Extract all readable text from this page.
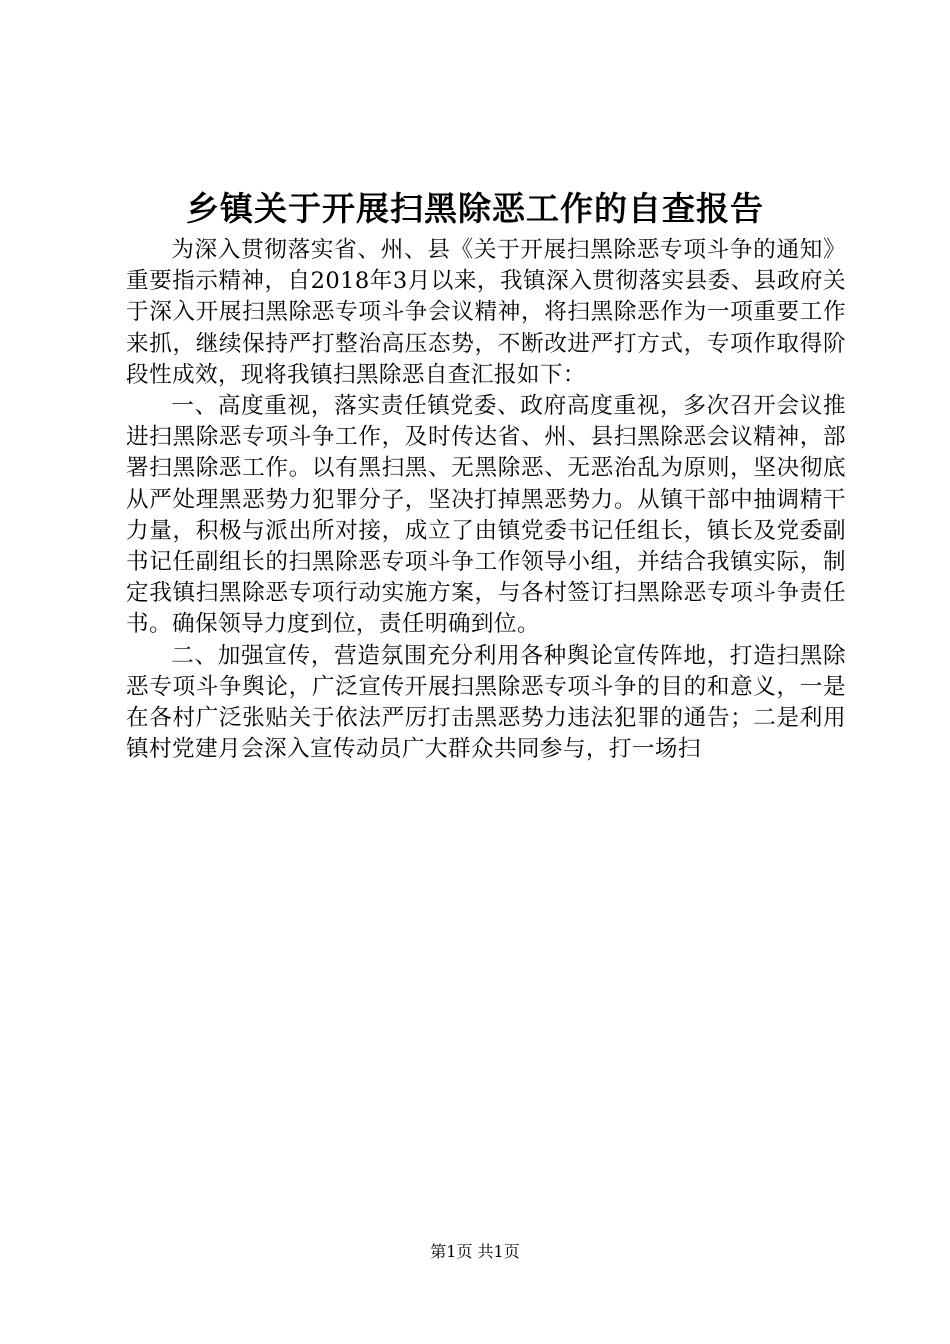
乡镇关于开展扫黑除恶工作的自查报告

为深入贯彻落实省、州、县《关于开展扫黑除恶专项斗争的通知》重要指示精神，自2018年3月以来，我镇深入贯彻落实县委、县政府关于深入开展扫黑除恶专项斗争会议精神，将扫黑除恶作为一项重要工作来抓，继续保持严打整治高压态势，不断改进严打方式，专项作取得阶段性成效，现将我镇扫黑除恶自查汇报如下：

一、高度重视，落实责任镇党委、政府高度重视，多次召开会议推进扫黑除恶专项斗争工作，及时传达省、州、县扫黑除恶会议精神，部署扫黑除恶工作。以有黑扫黑、无黑除恶、无恶治乱为原则，坚决彻底从严处理黑恶势力犯罪分子，坚决打掉黑恶势力。从镇干部中抽调精干力量，积极与派出所对接，成立了由镇党委书记任组长，镇长及党委副书记任副组长的扫黑除恶专项斗争工作领导小组，并结合我镇实际，制定我镇扫黑除恶专项行动实施方案，与各村签订扫黑除恶专项斗争责任书。确保领导力度到位，责任明确到位。

二、加强宣传，营造氛围充分利用各种舆论宣传阵地，打造扫黑除恶专项斗争舆论，广泛宣传开展扫黑除恶专项斗争的目的和意义，一是在各村广泛张贴关于依法严厉打击黑恶势力违法犯罪的通告；二是利用镇村党建月会深入宣传动员广大群众共同参与，打一场扫

第1页 共1页
